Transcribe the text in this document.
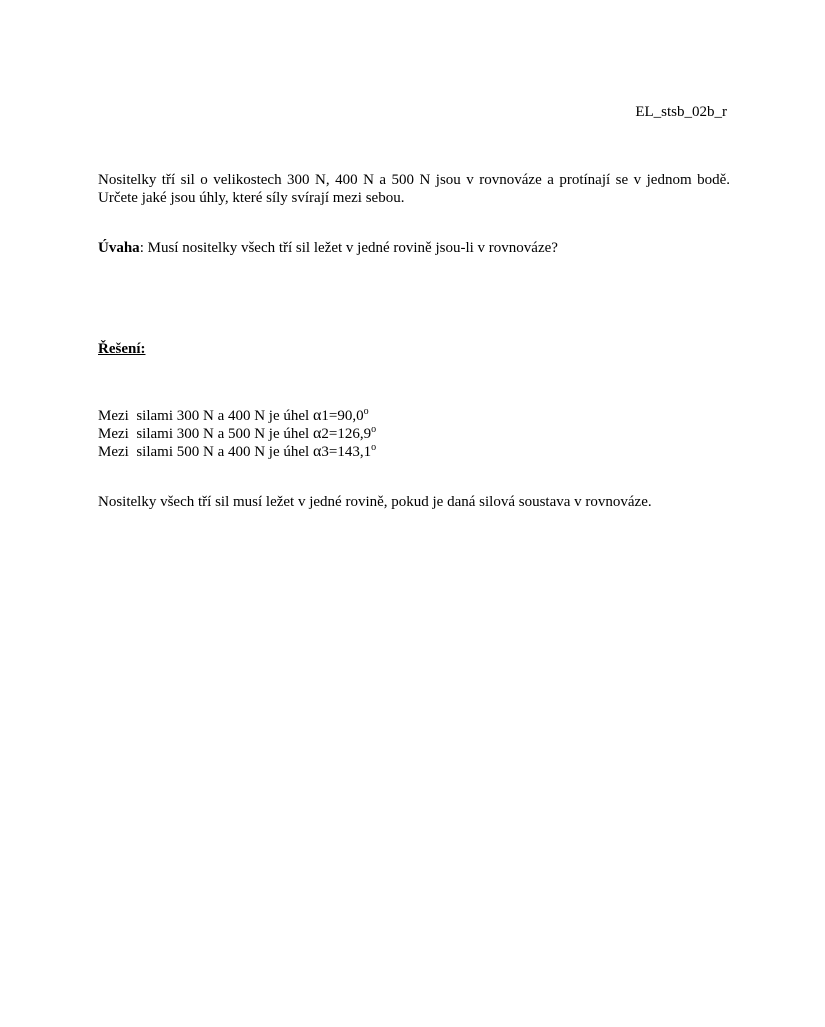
EL_stsb_02b_r

Nositelky tří sil o velikostech 300 N, 400 N a 500 N jsou v rovnováze a protínají se v jednom bodě. Určete jaké jsou úhly, které síly svírají mezi sebou.

Úvaha: Musí nositelky všech tří sil ležet v jedné rovině jsou-li v rovnováze?
Řešení:
Mezi  silami 300 N a 400 N je úhel $\alpha 1=90,0^o$
Mezi  silami 300 N a 500 N je úhel $\alpha 2=126,9^o$
Mezi  silami 500 N a 400 N je úhel $\alpha 3=143,1^o$
Nositelky všech tří sil musí ležet v jedné rovině, pokud je daná silová soustava v rovnováze.
